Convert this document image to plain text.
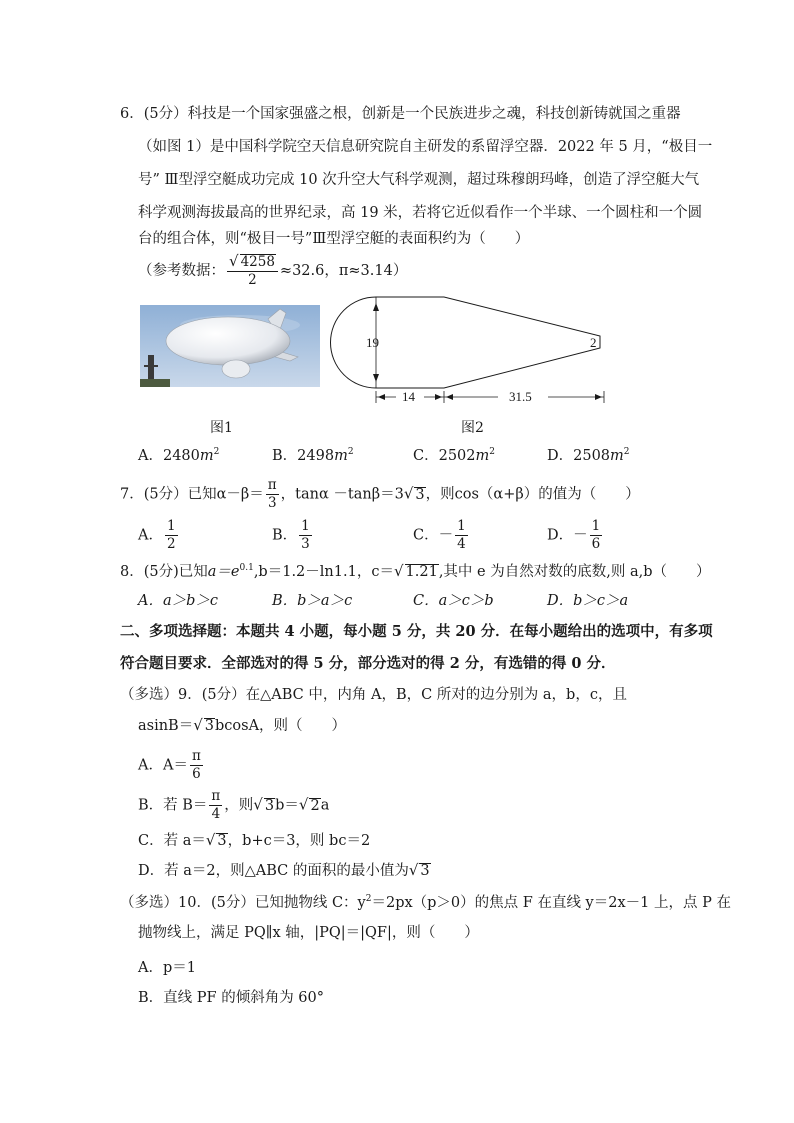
6．(5分）科技是一个国家强盛之根，创新是一个民族进步之魂，科技创新铸就国之重器
（如图 1）是中国科学院空天信息研究院自主研发的系留浮空器．2022 年 5 月，“极目一
号” Ⅲ型浮空艇成功完成 10 次升空大气科学观测，超过珠穆朗玛峰，创造了浮空艇大气
科学观测海拔最高的世界纪录，高 19 米，若将它近似看作一个半球、一个圆柱和一个圆
台的组合体，则“极目一号”Ⅲ型浮空艇的表面积约为（　　）
（参考数据： $\frac{√ 4258}{2} \approx 32.6$，π≈3.14）
19	2
14	31.5
图1	图2
A．$2480m^2$	B．$2498m^2$	C．$2502m^2$	D．$2508m^2$
7．(5分）已知$\alpha-\beta= \frac{\pi}{3}$ ，tanα －tanβ＝3√ 3，则cos（α+β）的值为（　　）
A． $\frac{1}{2}$	B． $\frac{1}{3}$	C．－ $\frac{1}{4}$	D．－ $\frac{1}{6}$
8．(5分)已知$a=e^{0.1},b=1.2-\ln 1.1$，c＝√ 1.21,其中 e 为自然对数的底数,则 a,b（　　）
A．a＞b＞c	B．b＞a＞c	C．a＞c＞b	D．b＞c＞a
二、多项选择题：本题共 4 小题，每小题 5 分，共 20 分．在每小题给出的选项中，有多项
符合题目要求．全部选对的得 5 分，部分选对的得 2 分，有选错的得 0 分．
（多选）9．(5分）在△ABC 中，内角 A，B，C 所对的边分别为 a，b，c，且
asinB＝√ 3bcosA，则（　　）
A．$A= \frac{\pi}{6}$
B．若 $B= \frac{\pi}{4}$ ，则√ 3b＝√ 2a
C．若 a＝√ 3，b+c＝3，则 bc＝2
D．若 a＝2，则△ABC 的面积的最小值为√ 3
（多选）10．(5分）已知抛物线 C：$y^2=2px(p>0)$的焦点 F 在直线 y＝2x－1 上，点 P 在
抛物线上，满足 PQ∥x 轴，|PQ|＝|QF|，则（　　）
A．p＝1
B．直线 PF 的倾斜角为 60°
